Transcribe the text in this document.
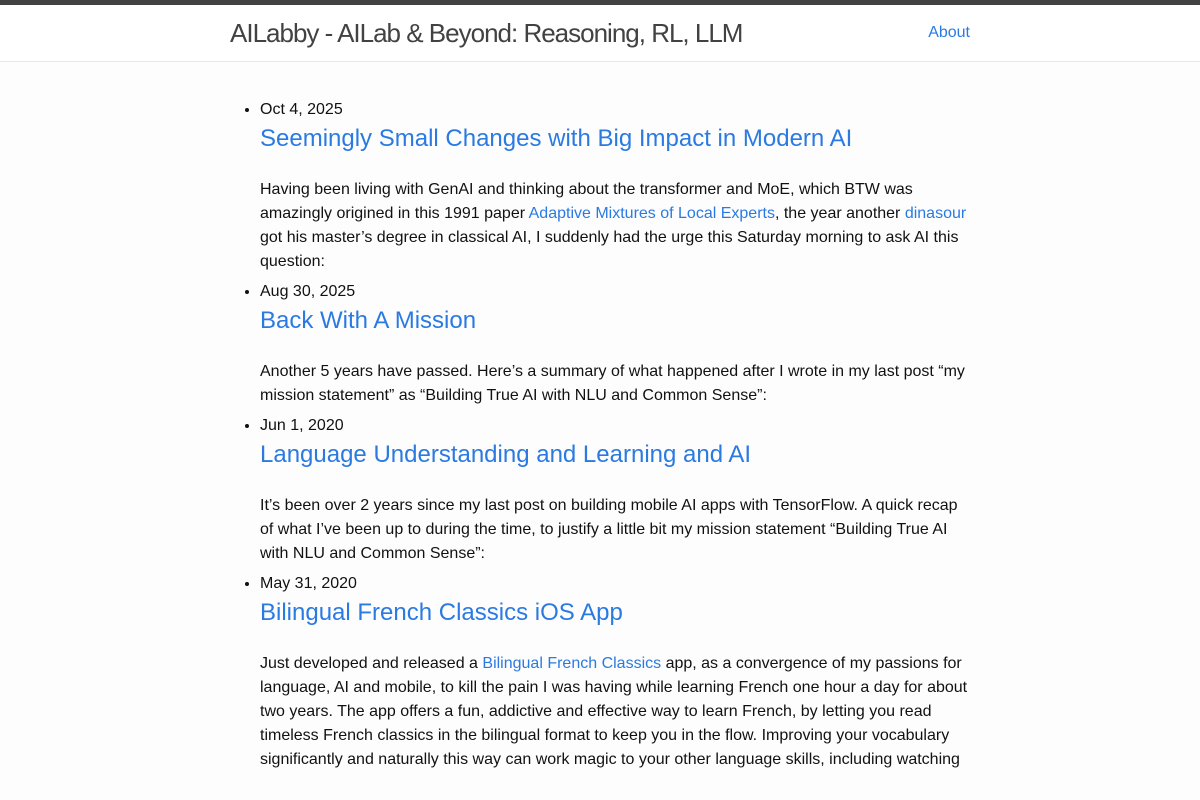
AILabby - AILab & Beyond: Reasoning, RL, LLM	About
• Oct 4, 2025
Seemingly Small Changes with Big Impact in Modern AI

Having been living with GenAI and thinking about the transformer and MoE, which BTW was amazingly origined in this 1991 paper Adaptive Mixtures of Local Experts, the year another dinasour got his master’s degree in classical AI, I suddenly had the urge this Saturday morning to ask AI this question:

• Aug 30, 2025
Back With A Mission

Another 5 years have passed. Here’s a summary of what happened after I wrote in my last post “my mission statement” as “Building True AI with NLU and Common Sense”:

• Jun 1, 2020
Language Understanding and Learning and AI

It’s been over 2 years since my last post on building mobile AI apps with TensorFlow. A quick recap of what I’ve been up to during the time, to justify a little bit my mission statement “Building True AI with NLU and Common Sense”:

• May 31, 2020
Bilingual French Classics iOS App

Just developed and released a Bilingual French Classics app, as a convergence of my passions for language, AI and mobile, to kill the pain I was having while learning French one hour a day for about two years. The app offers a fun, addictive and effective way to learn French, by letting you read timeless French classics in the bilingual format to keep you in the flow. Improving your vocabulary significantly and naturally this way can work magic to your other language skills, including watching
